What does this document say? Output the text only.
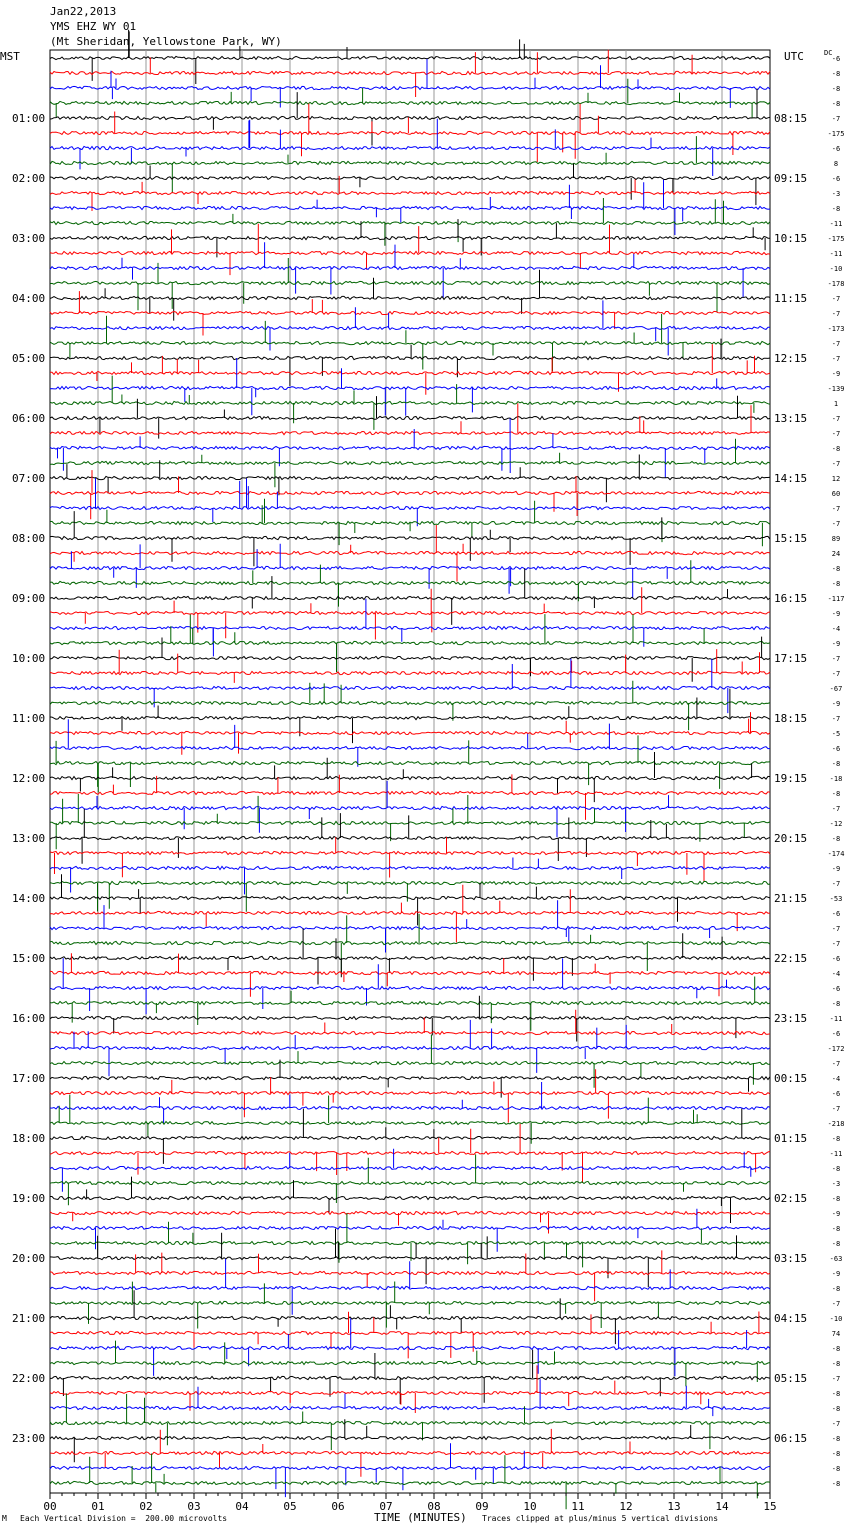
Jan22,2013
YMS EHZ WY 01
(Mt Sheridan, Yellowstone Park, WY)
MST	UTC	DC
-6
-8
-8
-8
-7
-175
-6
8
-6
-3
-8
-11
-175
-11
-10
-178
-7
-7
-173
-7
-7
-9
-139
1
-7
-7
-8
-7
12
60
-7
-7
89
24
-8
-8
-117
-9
-4
-9
-7
-7
-67
-9
-7
-5
-6
-8
-18
-8
-7
-12
-8
-174
-9
-7
-53
-6
-7
-7
-6
-4
-6
-8
-11
-6
-172
-7
-4
-6
-7
-218
-8
-11
-8
-3
-8
-9
-8
-8
-63
-9
-8
-7
-10
74
-8
-8
-7
-8
-8
-7
-8
-8
-8
-8
01:00
02:00
03:00
04:00
05:00
06:00
07:00
08:00
09:00
10:00
11:00
12:00
13:00
14:00
15:00
16:00
17:00
18:00
19:00
20:00
21:00
22:00
23:00
08:15
09:15
10:15
11:15
12:15
13:15
14:15
15:15
16:15
17:15
18:15
19:15
20:15
21:15
22:15
23:15
00:15
01:15
02:15
03:15
04:15
05:15
06:15
00	01	02	03	04	05	06	07	08	09	10	11	12	13	14	15
M Each Vertical Division =  200.00 microvolts	TIME (MINUTES) Traces clipped at plus/minus 5 vertical divisions
